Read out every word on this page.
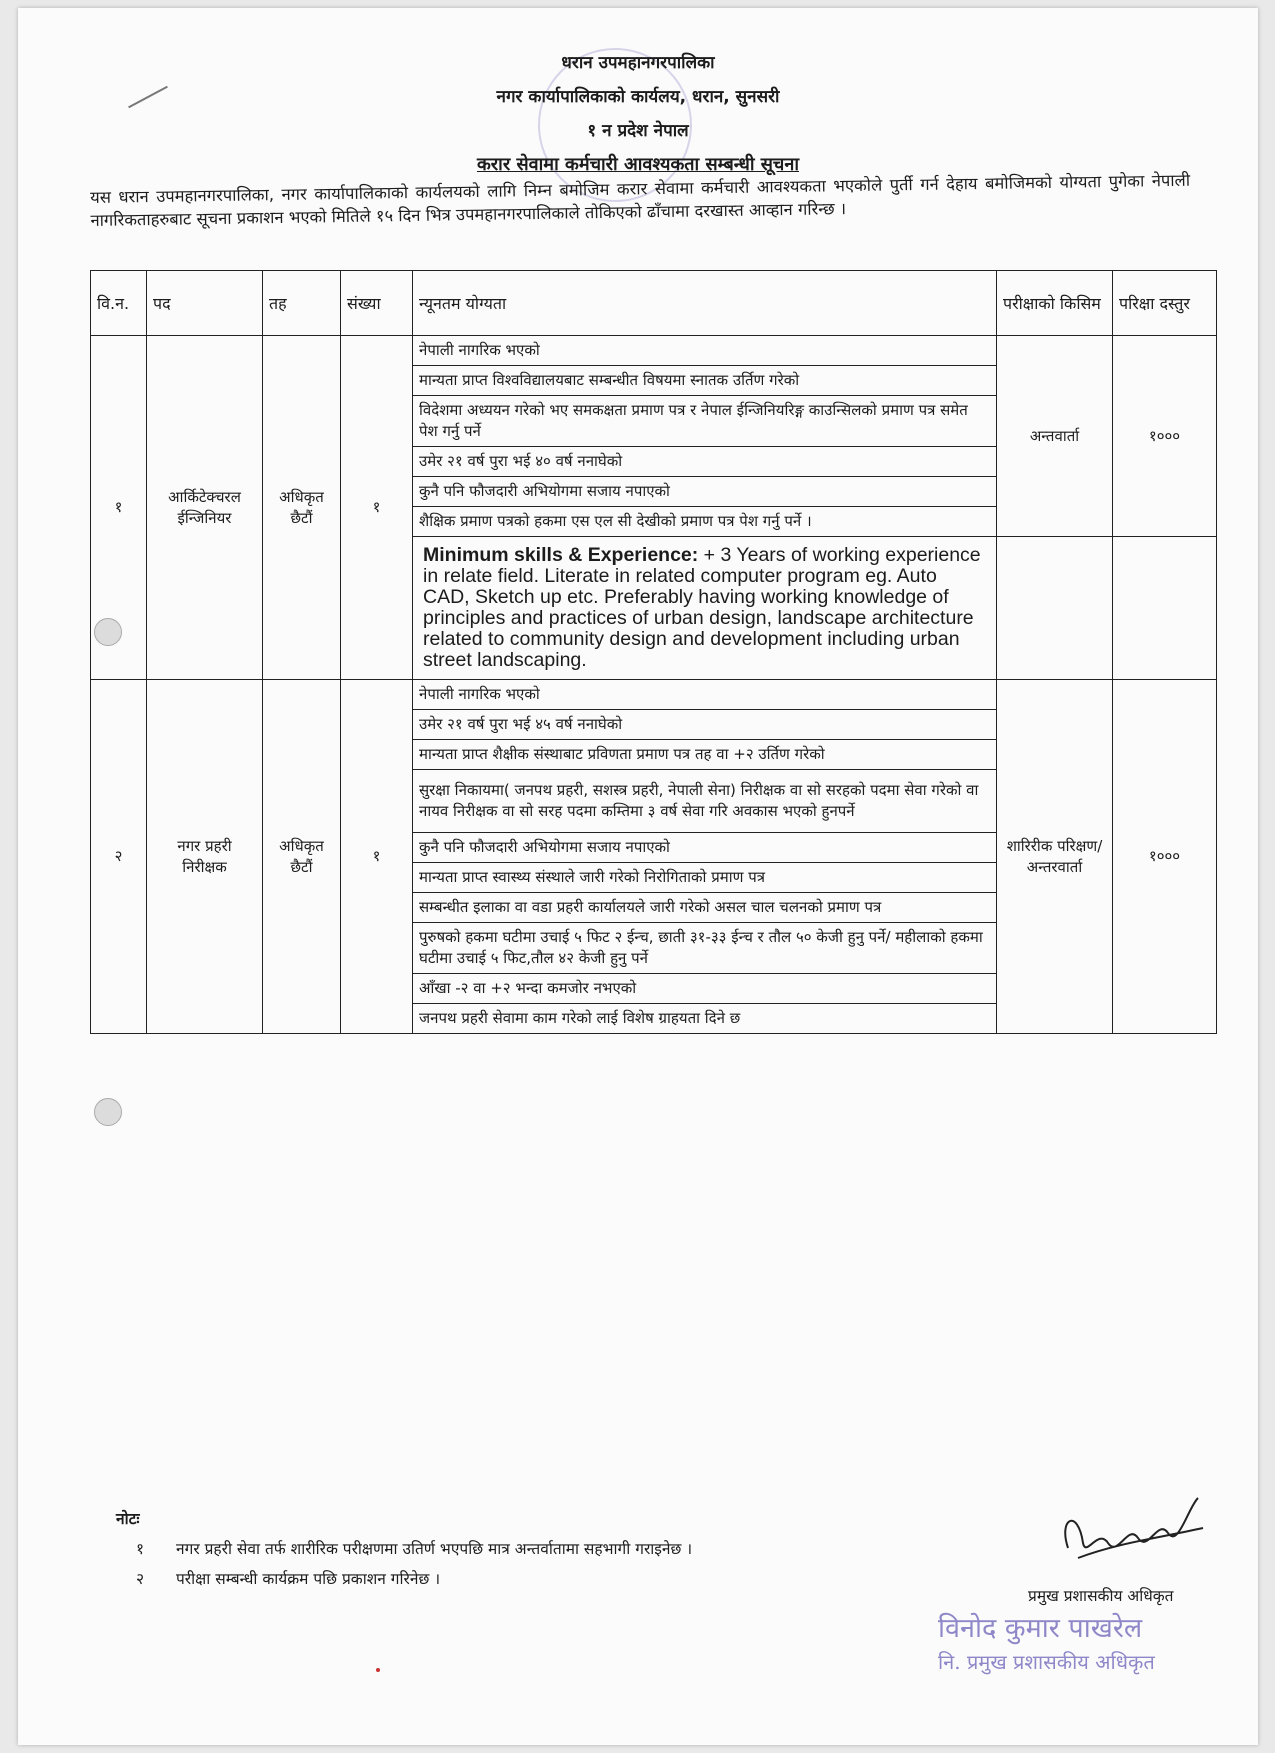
धरान उपमहानगरपालिका
नगर कार्यापालिकाको कार्यलय, धरान, सुनसरी
१ न प्रदेश नेपाल
करार सेवामा कर्मचारी आवश्यकता सम्बन्धी सूचना
यस धरान उपमहानगरपालिका, नगर कार्यापालिकाको कार्यलयको लागि निम्न बमोजिम करार सेवामा कर्मचारी आवश्यकता भएकोले पुर्ती गर्न देहाय बमोजिमको योग्यता पुगेका नेपाली नागरिकताहरुबाट सूचना प्रकाशन भएको मितिले १५ दिन भित्र उपमहानगरपालिकाले तोकिएको ढाँचामा दरखास्त आव्हान गरिन्छ ।
वि.न.	पद	तह	संख्या	न्यूनतम योग्यता	परीक्षाको किसिम	परिक्षा दस्तुर
१	आर्किटेक्चरल ईन्जिनियर	अधिकृत छैटौं	१	नेपाली नागरिक भएको	अन्तवार्ता	१०००
				मान्यता प्राप्त विश्वविद्यालयबाट सम्बन्धीत विषयमा स्नातक उर्तिण गरेको		
				विदेशमा अध्ययन गरेको भए समकक्षता प्रमाण पत्र र नेपाल ईन्जिनियरिङ्ग काउन्सिलको प्रमाण पत्र समेत पेश गर्नु पर्ने		
				उमेर २१ वर्ष पुरा भई ४० वर्ष ननाघेको		
				कुनै पनि फौजदारी अभियोगमा सजाय नपाएको		
				शैक्षिक प्रमाण पत्रको हकमा एस एल सी देखीको प्रमाण पत्र पेश गर्नु पर्ने ।		
				Minimum skills & Experience: + 3 Years of working experience in relate field. Literate in related computer program eg. Auto CAD, Sketch up etc. Preferably having working knowledge of principles and practices of urban design, landscape architecture related to community design and development including urban street landscaping.		
२	नगर प्रहरी निरीक्षक	अधिकृत छैटौं	१	नेपाली नागरिक भएको	शारिरीक परिक्षण/ अन्तरवार्ता	१०००
				उमेर २१ वर्ष पुरा भई ४५ वर्ष ननाघेको		
				मान्यता प्राप्त शैक्षीक संस्थाबाट प्रविणता प्रमाण पत्र तह वा +२ उर्तिण गरेको		
				सुरक्षा निकायमा( जनपथ प्रहरी, सशस्त्र प्रहरी, नेपाली सेना) निरीक्षक वा सो सरहको पदमा सेवा गरेको वा नायव निरीक्षक वा सो सरह पदमा कम्तिमा ३ वर्ष सेवा गरि अवकास भएको हुनपर्ने		
				कुनै पनि फौजदारी अभियोगमा सजाय नपाएको		
				मान्यता प्राप्त स्वास्थ्य संस्थाले जारी गरेको निरोगिताको प्रमाण पत्र		
				सम्बन्धीत इलाका वा वडा प्रहरी कार्यालयले जारी गरेको असल चाल चलनको प्रमाण पत्र		
				पुरुषको हकमा घटीमा उचाई ५ फिट २ ईन्च, छाती ३१-३३ ईन्च र तौल ५० केजी हुनु पर्ने/ महीलाको हकमा घटीमा उचाई ५ फिट,तौल ४२ केजी हुनु पर्ने		
				आँखा -२ वा +२ भन्दा कमजोर नभएको		
				जनपथ प्रहरी सेवामा काम गरेको लाई विशेष ग्राहयता दिने छ		
नोटः
१ नगर प्रहरी सेवा तर्फ शारीरिक परीक्षणमा उतिर्ण भएपछि मात्र अन्तर्वातामा सहभागी गराइनेछ ।
२ परीक्षा सम्बन्धी कार्यक्रम पछि प्रकाशन गरिनेछ ।
प्रमुख प्रशासकीय अधिकृत
विनोद कुमार पाखरेल
नि. प्रमुख प्रशासकीय अधिकृत
